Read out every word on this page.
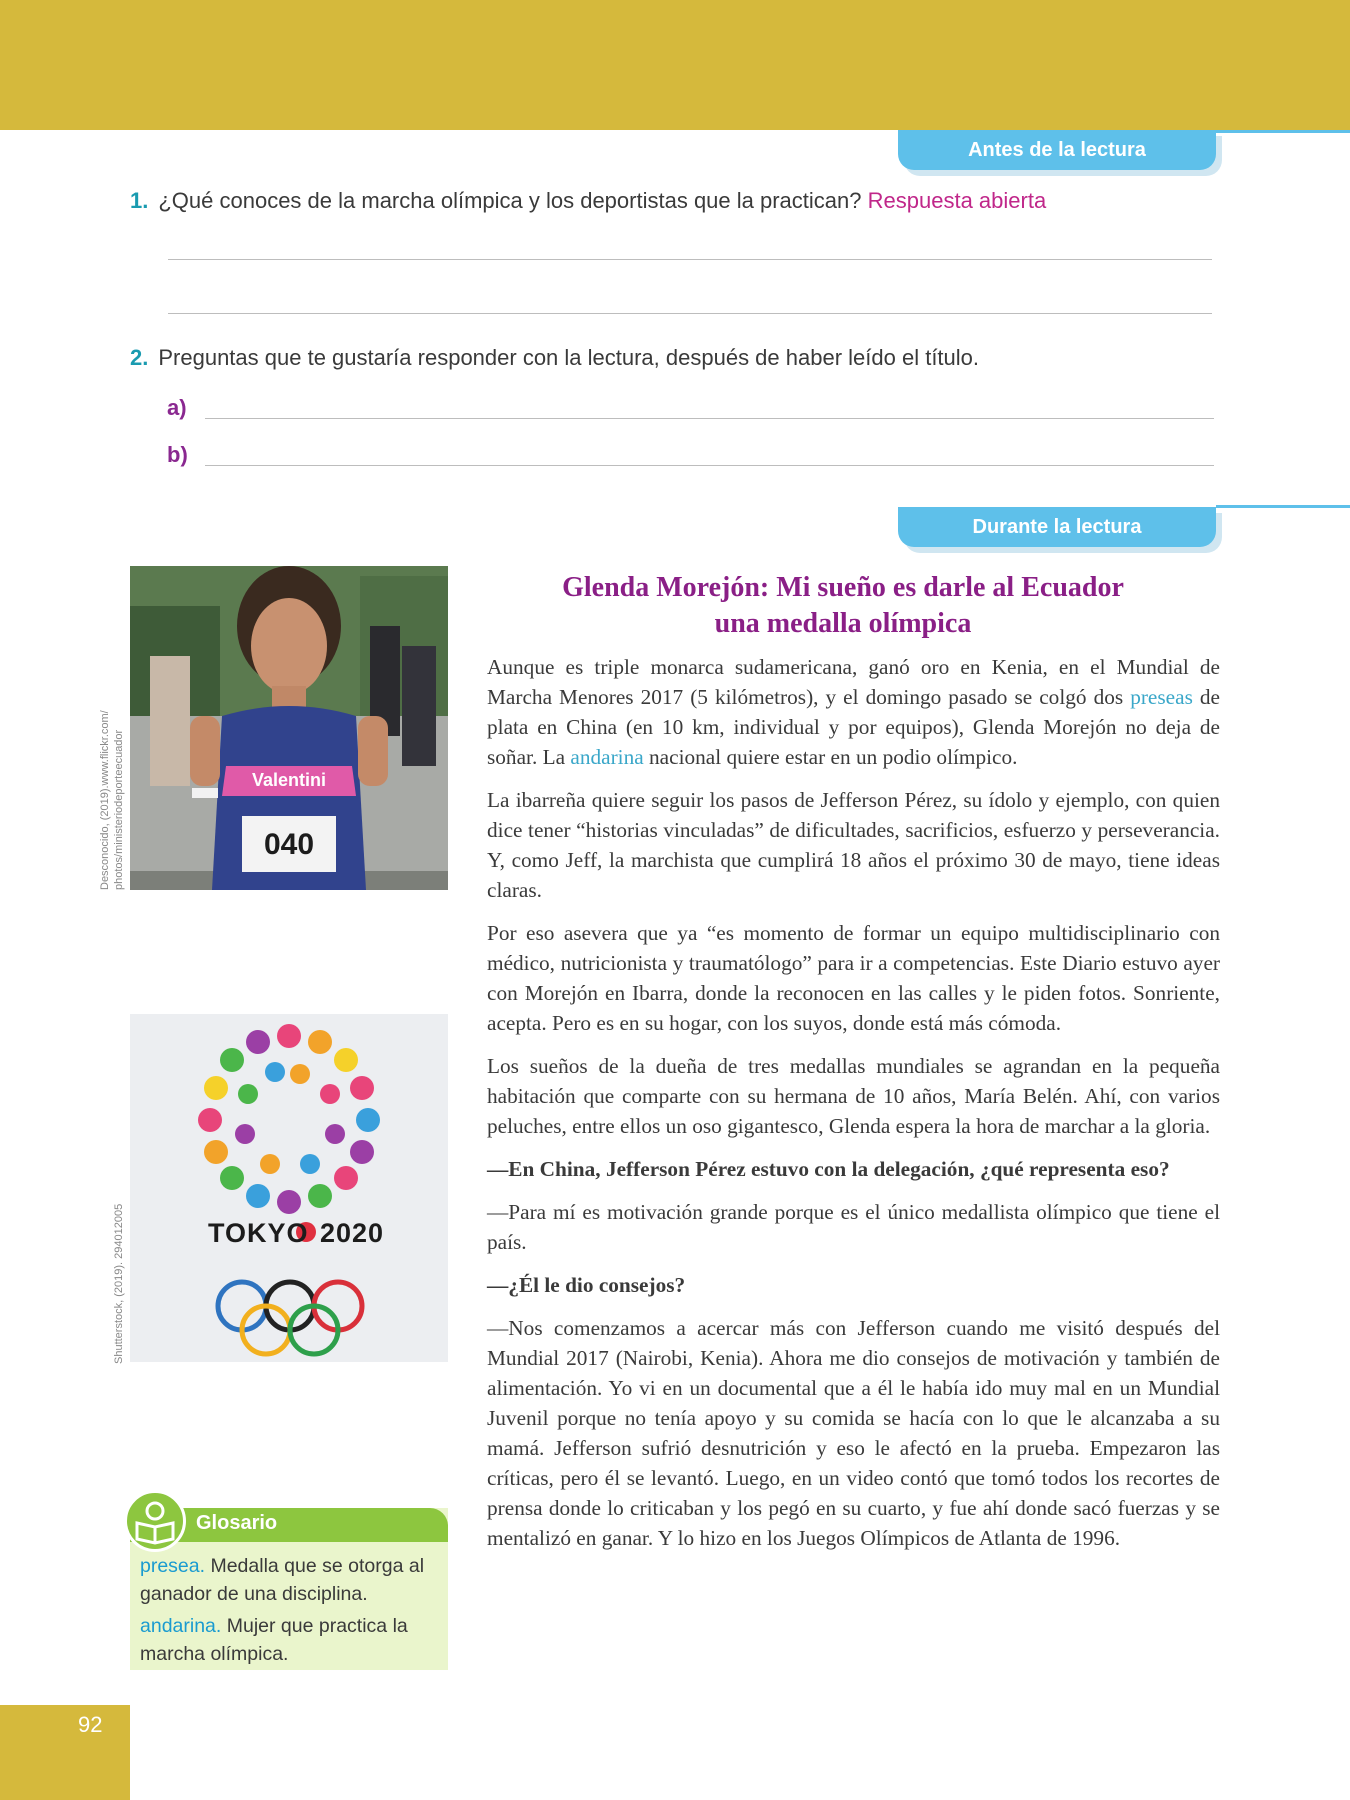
Antes de la lectura
1. ¿Qué conoces de la marcha olímpica y los deportistas que la practican? Respuesta abierta
2. Preguntas que te gustaría responder con la lectura, después de haber leído el título.
a)
b)
Durante la lectura
Desconocido, (2019).www.flickr.com/ photos/ministeriodeporteecuador	Valentini
040
Shutterstock, (2019). 294012005	TOKYO 2020
Glenda Morejón: Mi sueño es darle al Ecuador
una medalla olímpica

Aunque es triple monarca sudamericana, ganó oro en Kenia, en el Mundial de Marcha Menores 2017 (5 kilómetros), y el domingo pasado se colgó dos preseas de plata en China (en 10 km, individual y por equipos), Glenda Morejón no deja de soñar. La andarina nacional quiere estar en un podio olímpico.

La ibarreña quiere seguir los pasos de Jefferson Pérez, su ídolo y ejemplo, con quien dice tener “historias vinculadas” de dificultades, sacrificios, esfuerzo y perseverancia. Y, como Jeff, la marchista que cumplirá 18 años el próximo 30 de mayo, tiene ideas claras.

Por eso asevera que ya “es momento de formar un equipo multidisciplinario con médico, nutricionista y traumatólogo” para ir a competencias. Este Diario estuvo ayer con Morejón en Ibarra, donde la reconocen en las calles y le piden fotos. Sonriente, acepta. Pero es en su hogar, con los suyos, donde está más cómoda.

Los sueños de la dueña de tres medallas mundiales se agrandan en la pequeña habitación que comparte con su hermana de 10 años, María Belén. Ahí, con varios peluches, entre ellos un oso gigantesco, Glenda espera la hora de marchar a la gloria.

—En China, Jefferson Pérez estuvo con la delegación, ¿qué representa eso?

—Para mí es motivación grande porque es el único medallista olímpico que tiene el país.

—¿Él le dio consejos?

—Nos comenzamos a acercar más con Jefferson cuando me visitó después del Mundial 2017 (Nairobi, Kenia). Ahora me dio consejos de motivación y también de alimentación. Yo vi en un documental que a él le había ido muy mal en un Mundial Juvenil porque no tenía apoyo y su comida se hacía con lo que le alcanzaba a su mamá. Jefferson sufrió desnutrición y eso le afectó en la prueba. Empezaron las críticas, pero él se levantó. Luego, en un video contó que tomó todos los recortes de prensa donde lo criticaban y los pegó en su cuarto, y fue ahí donde sacó fuerzas y se mentalizó en ganar. Y lo hizo en los Juegos Olímpicos de Atlanta de 1996.

Glosario

presea. Medalla que se otorga al ganador de una disciplina.

andarina. Mujer que practica la marcha olímpica.

92
